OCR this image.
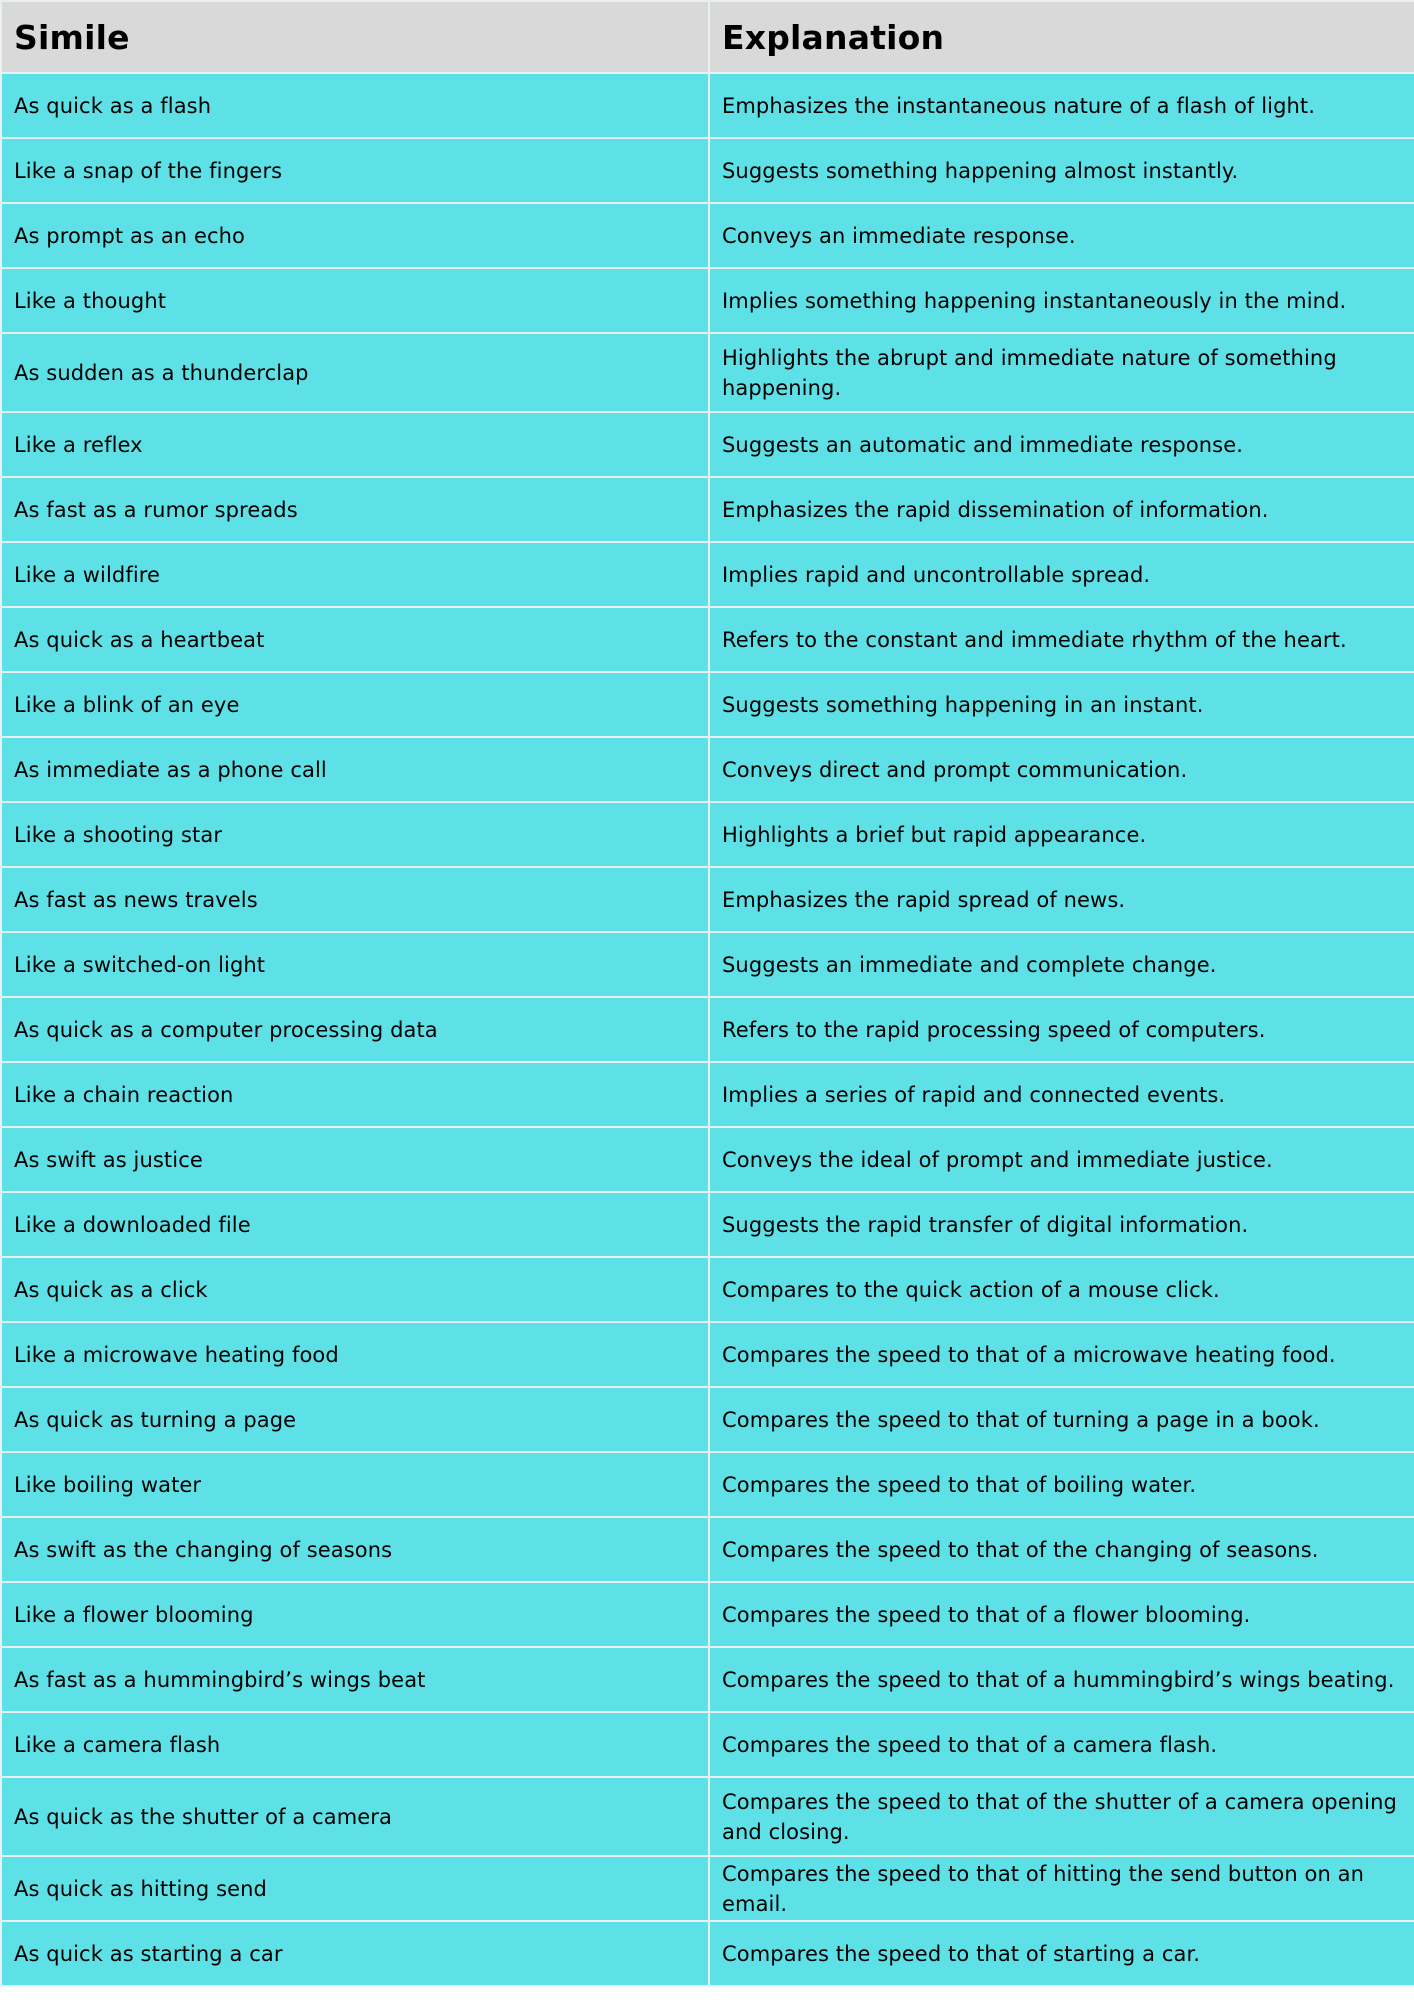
Simile	Explanation
As quick as a flash	Emphasizes the instantaneous nature of a flash of light.
Like a snap of the fingers	Suggests something happening almost instantly.
As prompt as an echo	Conveys an immediate response.
Like a thought	Implies something happening instantaneously in the mind.
As sudden as a thunderclap	Highlights the abrupt and immediate nature of something happening.
Like a reflex	Suggests an automatic and immediate response.
As fast as a rumor spreads	Emphasizes the rapid dissemination of information.
Like a wildfire	Implies rapid and uncontrollable spread.
As quick as a heartbeat	Refers to the constant and immediate rhythm of the heart.
Like a blink of an eye	Suggests something happening in an instant.
As immediate as a phone call	Conveys direct and prompt communication.
Like a shooting star	Highlights a brief but rapid appearance.
As fast as news travels	Emphasizes the rapid spread of news.
Like a switched-on light	Suggests an immediate and complete change.
As quick as a computer processing data	Refers to the rapid processing speed of computers.
Like a chain reaction	Implies a series of rapid and connected events.
As swift as justice	Conveys the ideal of prompt and immediate justice.
Like a downloaded file	Suggests the rapid transfer of digital information.
As quick as a click	Compares to the quick action of a mouse click.
Like a microwave heating food	Compares the speed to that of a microwave heating food.
As quick as turning a page	Compares the speed to that of turning a page in a book.
Like boiling water	Compares the speed to that of boiling water.
As swift as the changing of seasons	Compares the speed to that of the changing of seasons.
Like a flower blooming	Compares the speed to that of a flower blooming.
As fast as a hummingbird’s wings beat	Compares the speed to that of a hummingbird’s wings beating.
Like a camera flash	Compares the speed to that of a camera flash.
As quick as the shutter of a camera	Compares the speed to that of the shutter of a camera opening and closing.
As quick as hitting send	Compares the speed to that of hitting the send button on an email.
As quick as starting a car	Compares the speed to that of starting a car.
